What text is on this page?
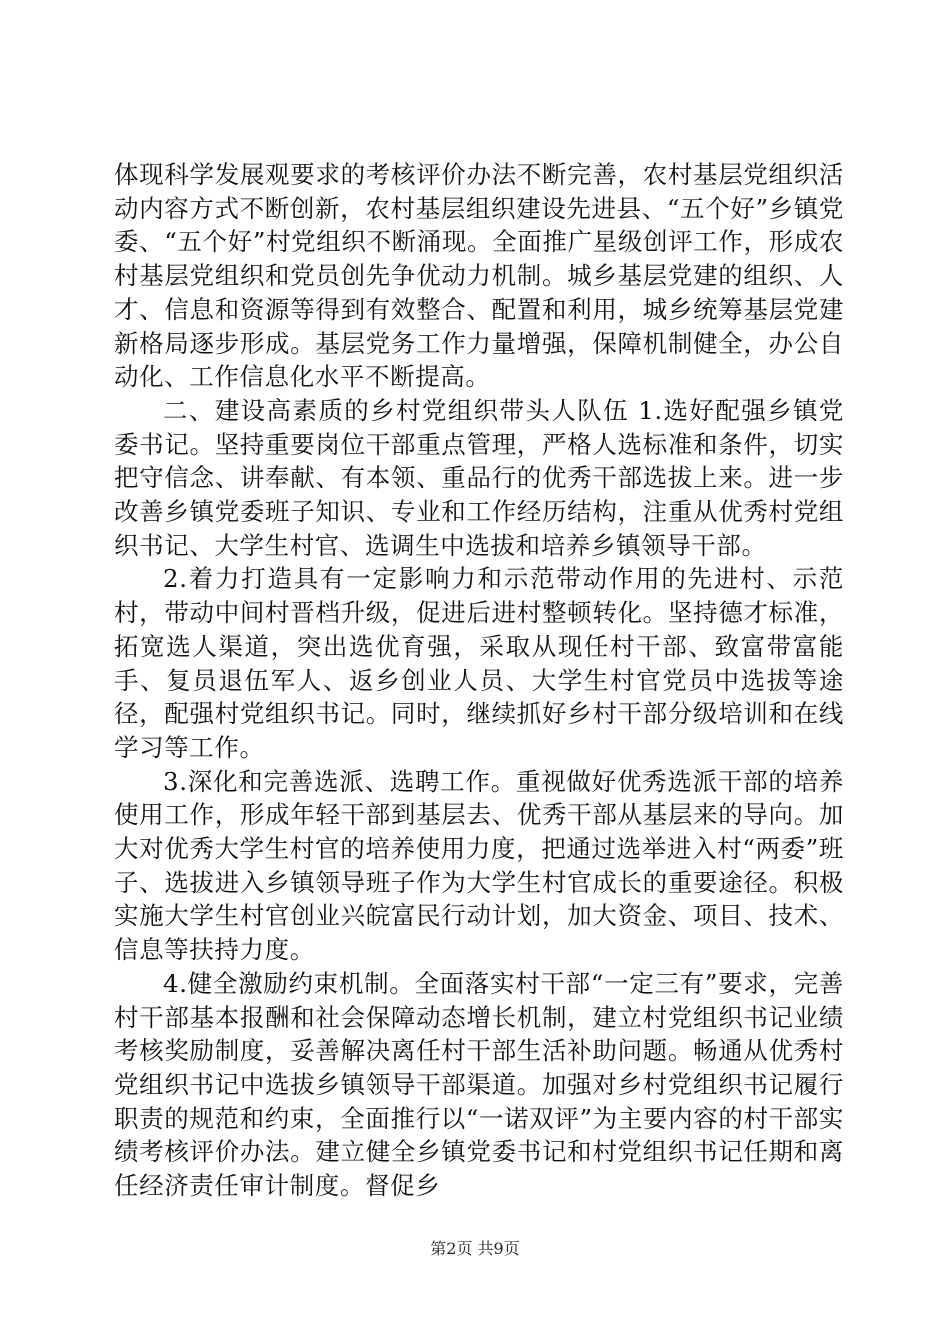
体现科学发展观要求的考核评价办法不断完善，农村基层党组织活动内容方式不断创新，农村基层组织建设先进县、“五个好”乡镇党委、“五个好”村党组织不断涌现。全面推广星级创评工作，形成农村基层党组织和党员创先争优动力机制。城乡基层党建的组织、人才、信息和资源等得到有效整合、配置和利用，城乡统筹基层党建新格局逐步形成。基层党务工作力量增强，保障机制健全，办公自动化、工作信息化水平不断提高。

二、建设高素质的乡村党组织带头人队伍 1.选好配强乡镇党委书记。坚持重要岗位干部重点管理，严格人选标准和条件，切实把守信念、讲奉献、有本领、重品行的优秀干部选拔上来。进一步改善乡镇党委班子知识、专业和工作经历结构，注重从优秀村党组织书记、大学生村官、选调生中选拔和培养乡镇领导干部。

2.着力打造具有一定影响力和示范带动作用的先进村、示范村，带动中间村晋档升级，促进后进村整顿转化。坚持德才标准，拓宽选人渠道，突出选优育强，采取从现任村干部、致富带富能手、复员退伍军人、返乡创业人员、大学生村官党员中选拔等途径，配强村党组织书记。同时，继续抓好乡村干部分级培训和在线学习等工作。

3.深化和完善选派、选聘工作。重视做好优秀选派干部的培养使用工作，形成年轻干部到基层去、优秀干部从基层来的导向。加大对优秀大学生村官的培养使用力度，把通过选举进入村“两委”班子、选拔进入乡镇领导班子作为大学生村官成长的重要途径。积极实施大学生村官创业兴皖富民行动计划，加大资金、项目、技术、信息等扶持力度。

4.健全激励约束机制。全面落实村干部“一定三有”要求，完善村干部基本报酬和社会保障动态增长机制，建立村党组织书记业绩考核奖励制度，妥善解决离任村干部生活补助问题。畅通从优秀村党组织书记中选拔乡镇领导干部渠道。加强对乡村党组织书记履行职责的规范和约束，全面推行以“一诺双评”为主要内容的村干部实绩考核评价办法。建立健全乡镇党委书记和村党组织书记任期和离任经济责任审计制度。督促乡

第2页 共9页
